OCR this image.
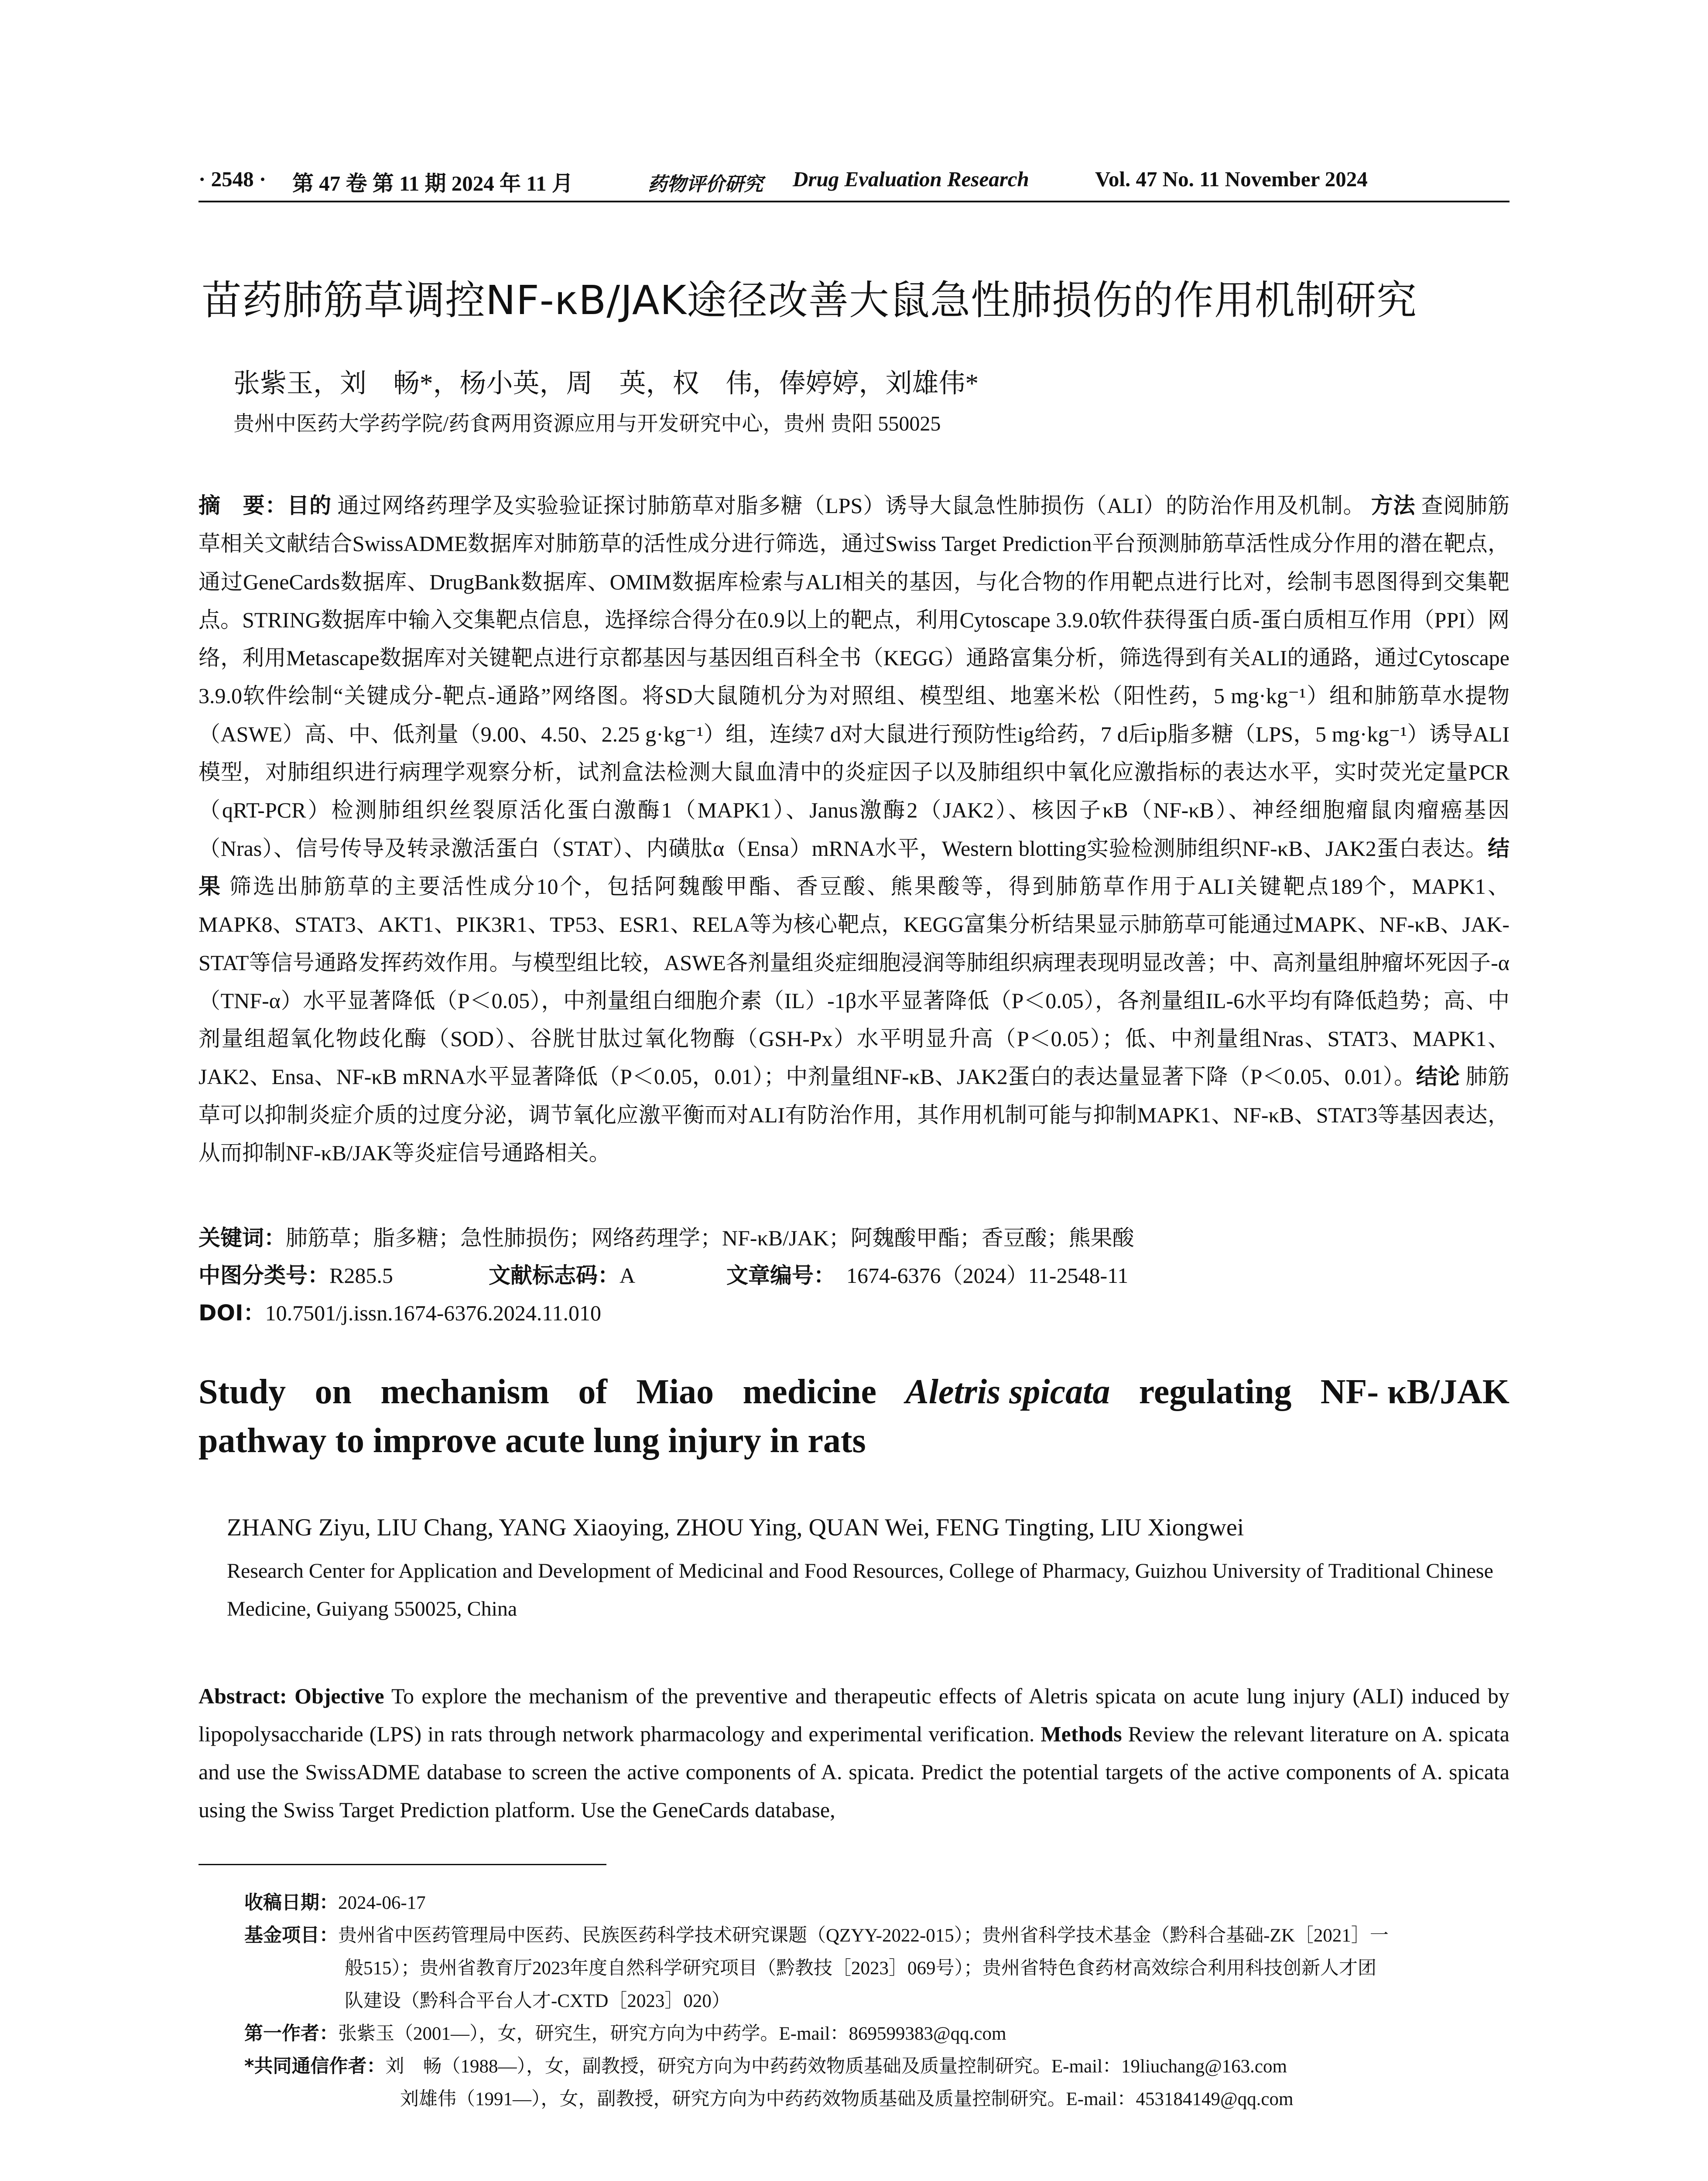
· 2548 · 第 47 卷 第 11 期 2024 年 11 月	药物评价研究 Drug Evaluation Research	Vol. 47 No. 11 November 2024
苗药肺筋草调控NF-κB/JAK途径改善大鼠急性肺损伤的作用机制研究
张紫玉，刘　畅*，杨小英，周　英，权　伟，俸婷婷，刘雄伟*
贵州中医药大学药学院/药食两用资源应用与开发研究中心，贵州 贵阳 550025
摘　要：目的 通过网络药理学及实验验证探讨肺筋草对脂多糖（LPS）诱导大鼠急性肺损伤（ALI）的防治作用及机制。 方法 查阅肺筋草相关文献结合SwissADME数据库对肺筋草的活性成分进行筛选，通过Swiss Target Prediction平台预测肺筋草活性成分作用的潜在靶点，通过GeneCards数据库、DrugBank数据库、OMIM数据库检索与ALI相关的基因，与化合物的作用靶点进行比对，绘制韦恩图得到交集靶点。STRING数据库中输入交集靶点信息，选择综合得分在0.9以上的靶点，利用Cytoscape 3.9.0软件获得蛋白质-蛋白质相互作用（PPI）网络，利用Metascape数据库对关键靶点进行京都基因与基因组百科全书（KEGG）通路富集分析，筛选得到有关ALI的通路，通过Cytoscape 3.9.0软件绘制“关键成分-靶点-通路”网络图。将SD大鼠随机分为对照组、模型组、地塞米松（阳性药，5 mg·kg⁻¹）组和肺筋草水提物（ASWE）高、中、低剂量（9.00、4.50、2.25 g·kg⁻¹）组，连续7 d对大鼠进行预防性ig给药，7 d后ip脂多糖（LPS，5 mg·kg⁻¹）诱导ALI模型，对肺组织进行病理学观察分析，试剂盒法检测大鼠血清中的炎症因子以及肺组织中氧化应激指标的表达水平，实时荧光定量PCR（qRT-PCR）检测肺组织丝裂原活化蛋白激酶1（MAPK1）、Janus激酶2（JAK2）、核因子κB（NF-κB）、神经细胞瘤鼠肉瘤癌基因（Nras）、信号传导及转录激活蛋白（STAT）、内磺肽α（Ensa）mRNA水平，Western blotting实验检测肺组织NF-κB、JAK2蛋白表达。结果 筛选出肺筋草的主要活性成分10个，包括阿魏酸甲酯、香豆酸、熊果酸等，得到肺筋草作用于ALI关键靶点189个，MAPK1、MAPK8、STAT3、AKT1、PIK3R1、TP53、ESR1、RELA等为核心靶点，KEGG富集分析结果显示肺筋草可能通过MAPK、NF-κB、JAK-STAT等信号通路发挥药效作用。与模型组比较，ASWE各剂量组炎症细胞浸润等肺组织病理表现明显改善；中、高剂量组肿瘤坏死因子-α（TNF-α）水平显著降低（P＜0.05），中剂量组白细胞介素（IL）-1β水平显著降低（P＜0.05），各剂量组IL-6水平均有降低趋势；高、中剂量组超氧化物歧化酶（SOD）、谷胱甘肽过氧化物酶（GSH-Px）水平明显升高（P＜0.05）；低、中剂量组Nras、STAT3、MAPK1、JAK2、Ensa、NF-κB mRNA水平显著降低（P＜0.05，0.01）；中剂量组NF-κB、JAK2蛋白的表达量显著下降（P＜0.05、0.01）。结论 肺筋草可以抑制炎症介质的过度分泌，调节氧化应激平衡而对ALI有防治作用，其作用机制可能与抑制MAPK1、NF-κB、STAT3等基因表达，从而抑制NF-κB/JAK等炎症信号通路相关。
关键词：肺筋草；脂多糖；急性肺损伤；网络药理学；NF-κB/JAK；阿魏酸甲酯；香豆酸；熊果酸
中图分类号：R285.5	文献标志码：A	文章编号： 1674-6376（2024）11-2548-11
DOI：10.7501/j.issn.1674-6376.2024.11.010
Study on mechanism of Miao medicine Aletris spicata regulating NF- κB/JAK
pathway to improve acute lung injury in rats
ZHANG Ziyu, LIU Chang, YANG Xiaoying, ZHOU Ying, QUAN Wei, FENG Tingting, LIU Xiongwei
Research Center for Application and Development of Medicinal and Food Resources, College of Pharmacy, Guizhou University of Traditional Chinese Medicine, Guiyang 550025, China
Abstract: Objective To explore the mechanism of the preventive and therapeutic effects of Aletris spicata on acute lung injury (ALI) induced by lipopolysaccharide (LPS) in rats through network pharmacology and experimental verification. Methods Review the relevant literature on A. spicata and use the SwissADME database to screen the active components of A. spicata. Predict the potential targets of the active components of A. spicata using the Swiss Target Prediction platform. Use the GeneCards database,
收稿日期： 2024-06-17
基金项目： 贵州省中医药管理局中医药、民族医药科学技术研究课题（QZYY-2022-015）；贵州省科学技术基金（黔科合基础-ZK［2021］一
般515）；贵州省教育厅2023年度自然科学研究项目（黔教技［2023］069号）；贵州省特色食药材高效综合利用科技创新人才团
队建设（黔科合平台人才-CXTD［2023］020）
第一作者： 张紫玉（2001—），女，研究生，研究方向为中药学。E-mail：869599383@qq.com
*共同通信作者： 刘　畅（1988—），女，副教授，研究方向为中药药效物质基础及质量控制研究。E-mail：19liuchang@163.com
刘雄伟（1991—），女，副教授，研究方向为中药药效物质基础及质量控制研究。E-mail：453184149@qq.com
